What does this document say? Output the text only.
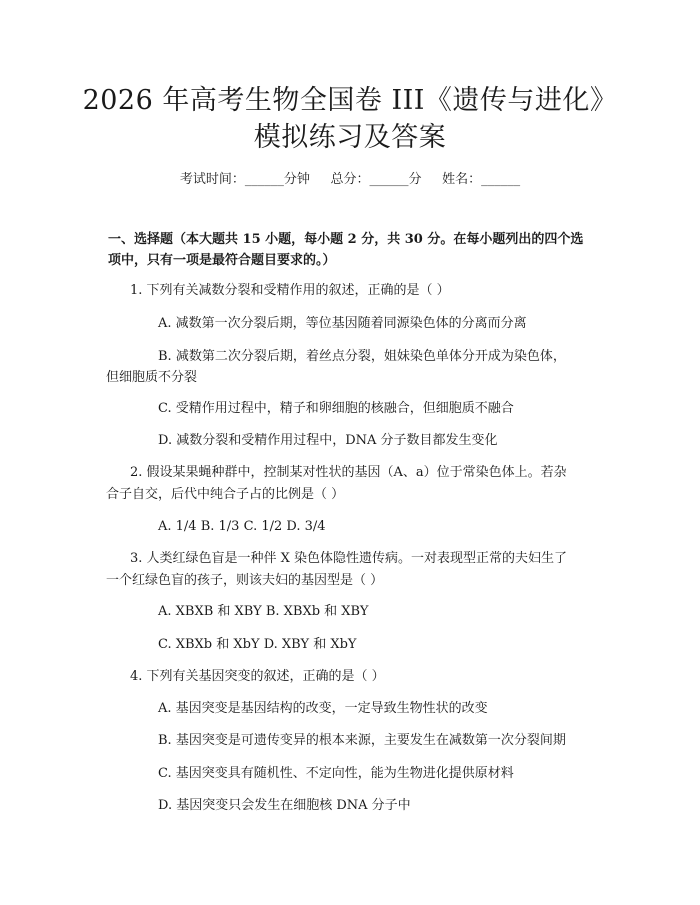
2026 年高考生物全国卷 III《遗传与进化》
模拟练习及答案
考试时间：______分钟     总分：______分     姓名：______
一、选择题（本大题共 15 小题，每小题 2 分，共 30 分。在每小题列出的四个选
项中，只有一项是最符合题目要求的。）
1. 下列有关减数分裂和受精作用的叙述，正确的是（ ）
A. 减数第一次分裂后期，等位基因随着同源染色体的分离而分离
B. 减数第二次分裂后期，着丝点分裂，姐妹染色单体分开成为染色体，
但细胞质不分裂
C. 受精作用过程中，精子和卵细胞的核融合，但细胞质不融合
D. 减数分裂和受精作用过程中，DNA 分子数目都发生变化
2. 假设某果蝇种群中，控制某对性状的基因（A、a）位于常染色体上。若杂
合子自交，后代中纯合子占的比例是（ ）
A. 1/4 B. 1/3 C. 1/2 D. 3/4
3. 人类红绿色盲是一种伴 X 染色体隐性遗传病。一对表现型正常的夫妇生了
一个红绿色盲的孩子，则该夫妇的基因型是（ ）
A. XBXB 和 XBY B. XBXb 和 XBY
C. XBXb 和 XbY D. XBY 和 XbY
4. 下列有关基因突变的叙述，正确的是（ ）
A. 基因突变是基因结构的改变，一定导致生物性状的改变
B. 基因突变是可遗传变异的根本来源，主要发生在减数第一次分裂间期
C. 基因突变具有随机性、不定向性，能为生物进化提供原材料
D. 基因突变只会发生在细胞核 DNA 分子中
